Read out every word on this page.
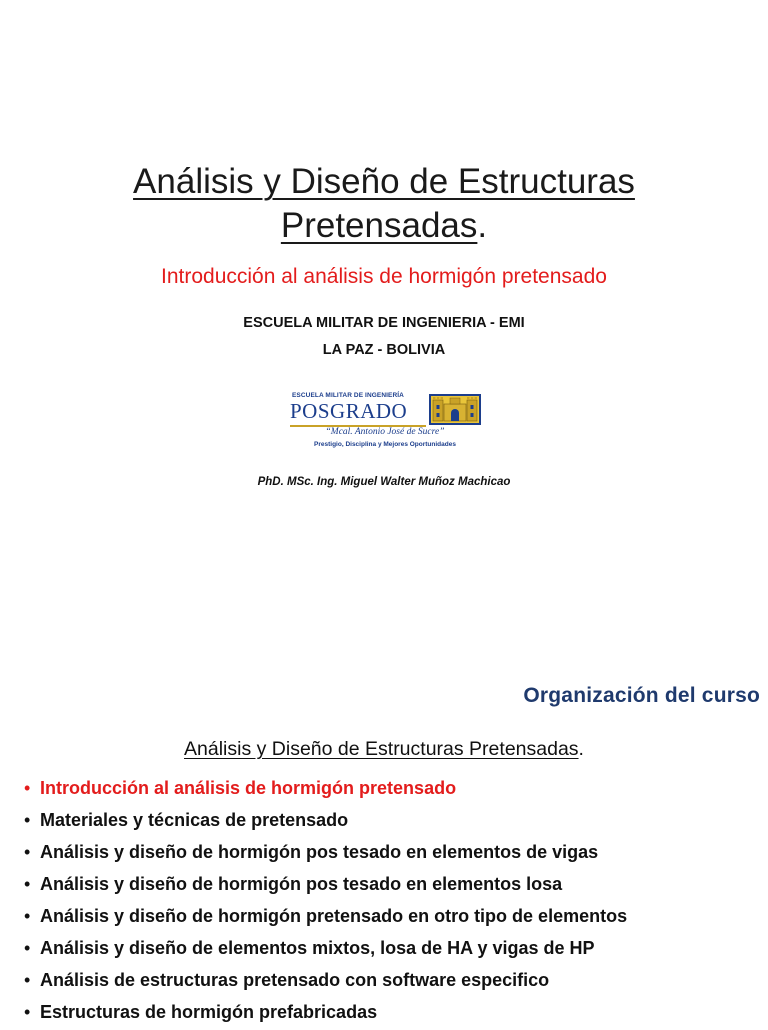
Análisis y Diseño de Estructuras
Pretensadas.
Introducción al análisis de hormigón pretensado
ESCUELA MILITAR DE INGENIERIA - EMI
LA PAZ - BOLIVIA
ESCUELA MILITAR DE INGENIERÍA
POSGRADO
“Mcal. Antonio José de Sucre”
Prestigio, Disciplina y Mejores Oportunidades
PhD. MSc. Ing. Miguel Walter Muñoz Machicao
Organización del curso
Análisis y Diseño de Estructuras Pretensadas.
• Introducción al análisis de hormigón pretensado
• Materiales y técnicas de pretensado
• Análisis y diseño de hormigón pos tesado en elementos de vigas
• Análisis y diseño de hormigón pos tesado en elementos losa
• Análisis y diseño de hormigón pretensado en otro tipo de elementos
• Análisis y diseño de elementos mixtos, losa de HA y vigas de HP
• Análisis de estructuras pretensado con software especifico
• Estructuras de hormigón prefabricadas
